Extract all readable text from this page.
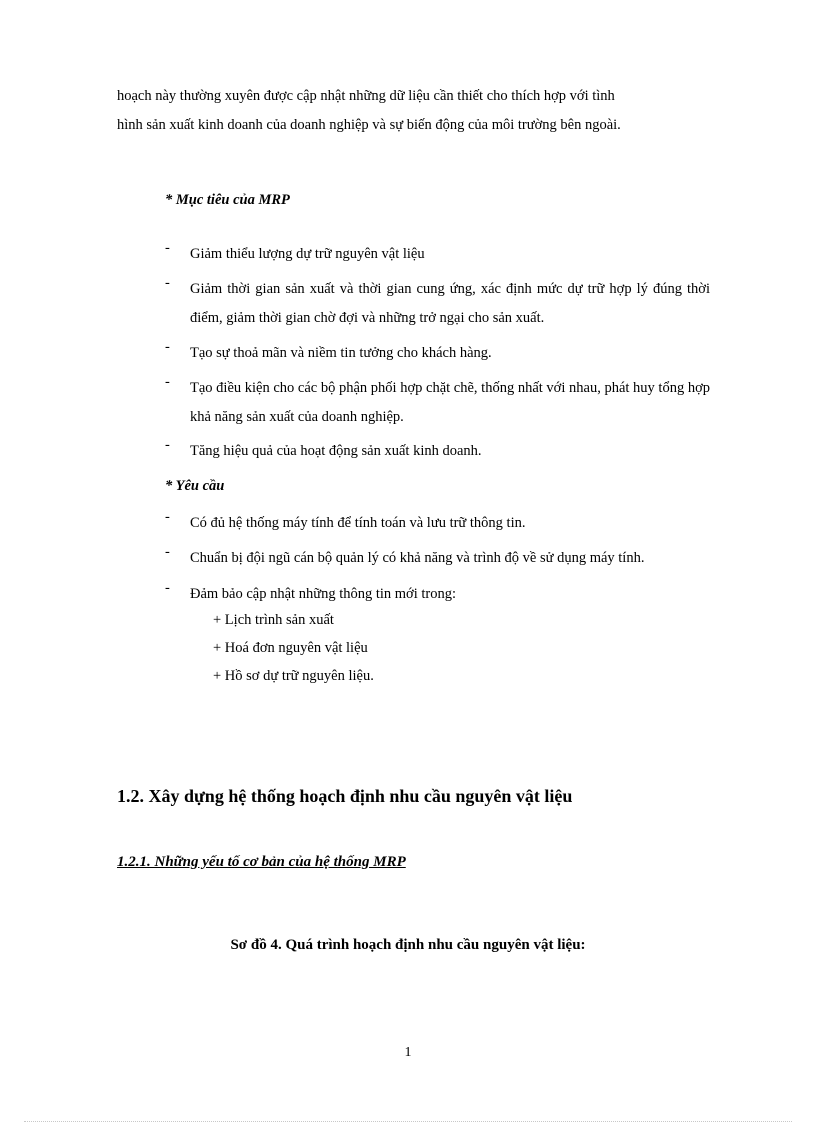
hoạch này thường xuyên được cập nhật những dữ liệu cần thiết cho thích hợp với tình
hình sản xuất kinh doanh của doanh nghiệp và sự biến động của môi trường bên ngoài.
* Mục tiêu của MRP
- Giảm thiểu lượng dự trữ nguyên vật liệu
- Giảm thời gian sản xuất và thời gian cung ứng, xác định mức dự trữ hợp lý đúng thời điểm, giảm thời gian chờ đợi và những trở ngại cho sản xuất.
- Tạo sự thoả mãn và niềm tin tưởng cho khách hàng.
- Tạo điều kiện cho các bộ phận phối hợp chặt chẽ, thống nhất với nhau, phát huy tổng hợp khả năng sản xuất của doanh nghiệp.
- Tăng hiệu quả của hoạt động sản xuất kinh doanh.
* Yêu cầu
- Có đủ hệ thống máy tính để tính toán và lưu trữ thông tin.
- Chuẩn bị đội ngũ cán bộ quản lý có khả năng và trình độ về sử dụng máy tính.
- Đảm bảo cập nhật những thông tin mới trong:
+ Lịch trình sản xuất
+ Hoá đơn nguyên vật liệu
+ Hồ sơ dự trữ nguyên liệu.
1.2. Xây dựng hệ thống hoạch định nhu cầu nguyên vật liệu
1.2.1. Những yếu tố cơ bản của hệ thống MRP
Sơ đồ 4. Quá trình hoạch định nhu cầu nguyên vật liệu:
1
